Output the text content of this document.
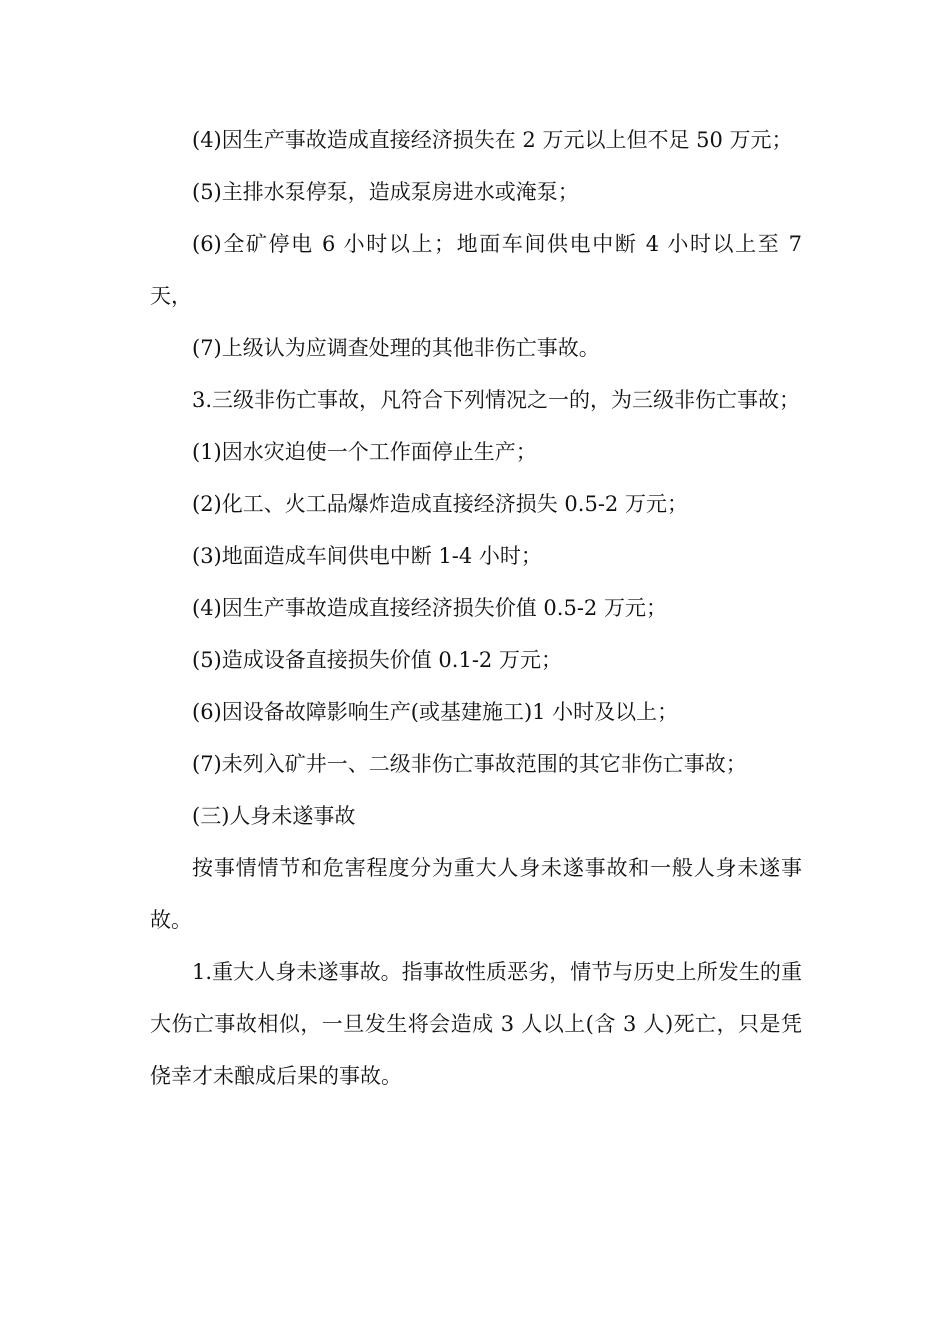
(4)因生产事故造成直接经济损失在 2 万元以上但不足 50 万元；

(5)主排水泵停泵，造成泵房进水或淹泵；

(6)全矿停电 6 小时以上；地面车间供电中断 4 小时以上至 7 天，

(7)上级认为应调查处理的其他非伤亡事故。

3.三级非伤亡事故，凡符合下列情况之一的，为三级非伤亡事故；

(1)因水灾迫使一个工作面停止生产；

(2)化工、火工品爆炸造成直接经济损失 0.5-2 万元；

(3)地面造成车间供电中断 1-4 小时；

(4)因生产事故造成直接经济损失价值 0.5-2 万元；

(5)造成设备直接损失价值 0.1-2 万元；

(6)因设备故障影响生产(或基建施工)1 小时及以上；

(7)未列入矿井一、二级非伤亡事故范围的其它非伤亡事故；

(三)人身未遂事故

按事情情节和危害程度分为重大人身未遂事故和一般人身未遂事故。

1.重大人身未遂事故。指事故性质恶劣，情节与历史上所发生的重大伤亡事故相似，一旦发生将会造成 3 人以上(含 3 人)死亡，只是凭侥幸才未酿成后果的事故。
